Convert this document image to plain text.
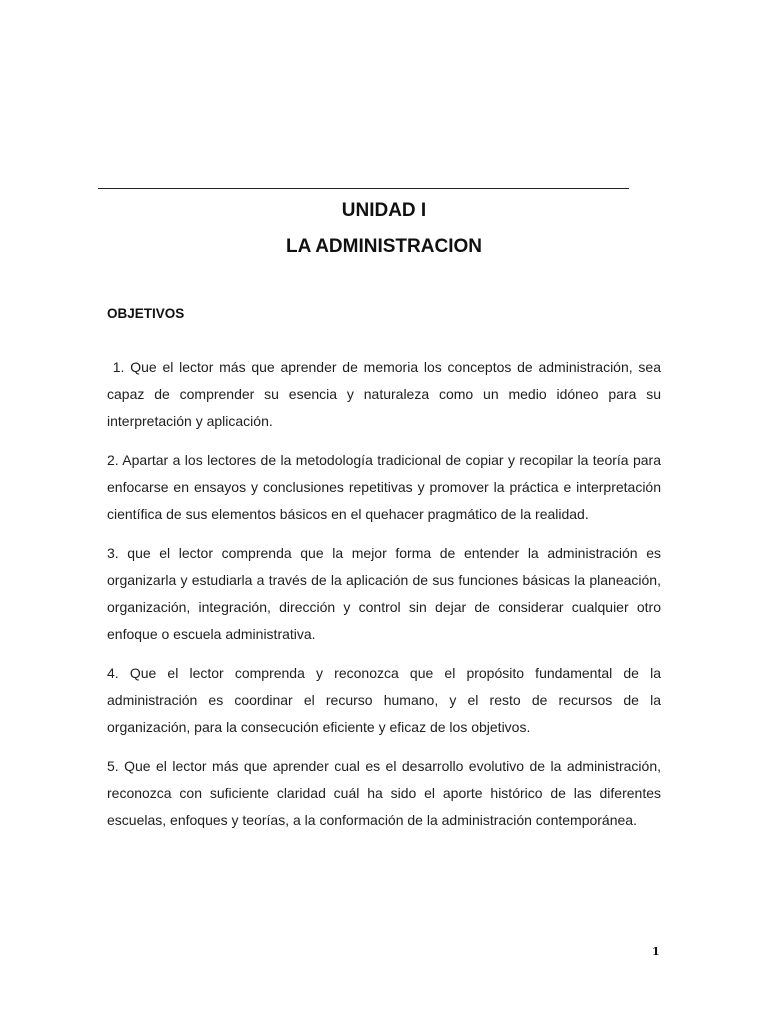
UNIDAD I
LA ADMINISTRACION
OBJETIVOS

1. Que el lector más que aprender de memoria los conceptos de administración, sea capaz de comprender su esencia y naturaleza como un medio idóneo para su interpretación y aplicación.

2. Apartar a los lectores de la metodología tradicional de copiar y recopilar la teoría para enfocarse en ensayos y conclusiones repetitivas y promover la práctica e interpretación científica de sus elementos básicos en el quehacer pragmático de la realidad.

3. que el lector comprenda que la mejor forma de entender la administración es organizarla y estudiarla a través de la aplicación de sus funciones básicas la planeación, organización, integración, dirección y control sin dejar de considerar cualquier otro enfoque o escuela administrativa.

4. Que el lector comprenda y reconozca que el propósito fundamental de la administración es coordinar el recurso humano, y el resto de recursos de la organización, para la consecución eficiente y eficaz de los objetivos.

5. Que el lector más que aprender cual es el desarrollo evolutivo de la administración, reconozca con suficiente claridad cuál ha sido el aporte histórico de las diferentes escuelas, enfoques y teorías, a la conformación de la administración contemporánea.

1
